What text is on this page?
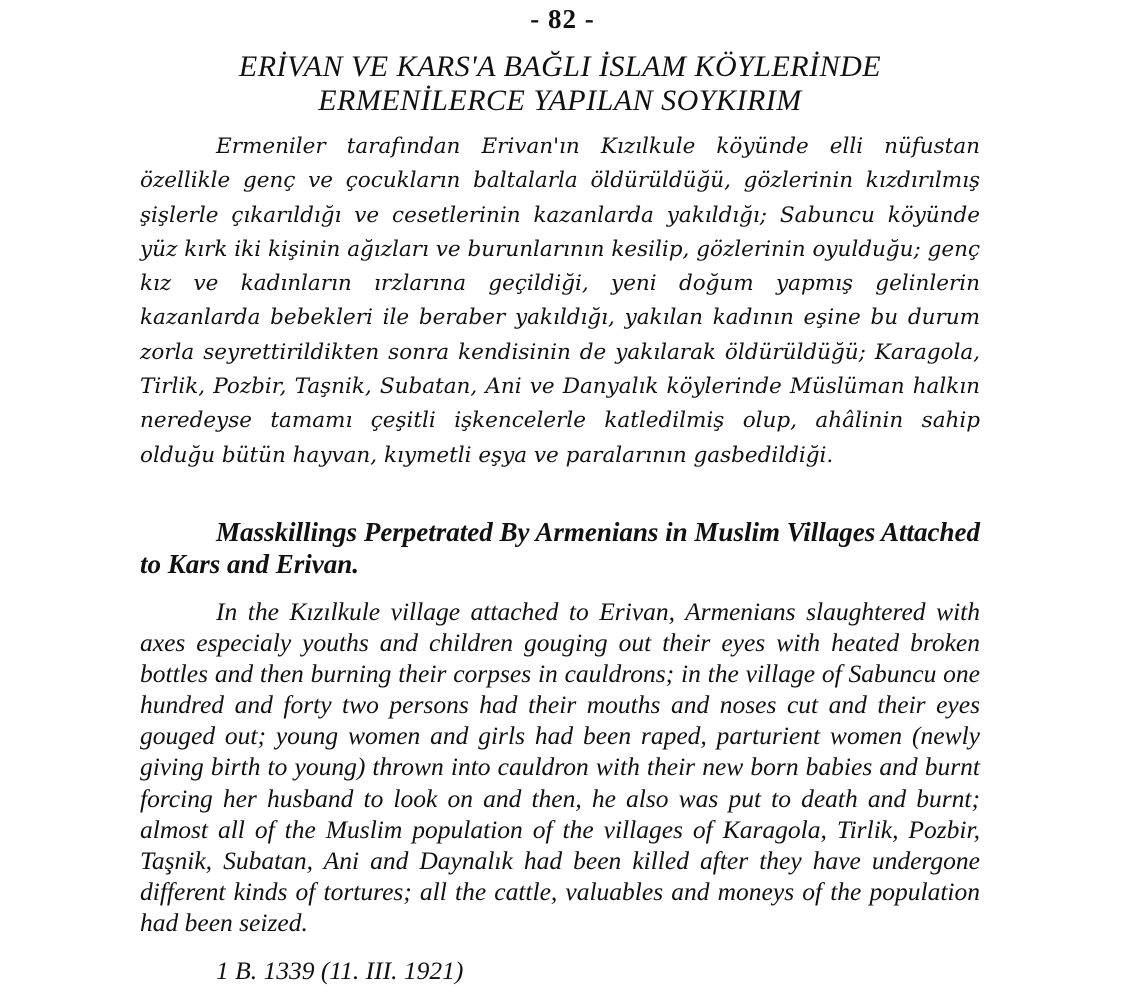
- 82 -
ERİVAN VE KARS'A BAĞLI İSLAM KÖYLERİNDE
ERMENİLERCE YAPILAN SOYKIRIM

Ermeniler tarafından Erivan'ın Kızılkule köyünde elli nüfustan özellikle genç ve çocukların baltalarla öldürüldüğü, gözlerinin kızdırılmış şişlerle çıkarıldığı ve cesetlerinin kazanlarda yakıldığı; Sabuncu köyünde yüz kırk iki kişinin ağızları ve burunlarının kesilip, gözlerinin oyulduğu; genç kız ve kadınların ırzlarına geçildiği, yeni doğum yapmış gelinlerin kazanlarda bebekleri ile beraber yakıldığı, yakılan kadının eşine bu durum zorla seyrettirildikten sonra kendisinin de yakılarak öldürüldüğü; Karagola, Tirlik, Pozbir, Taşnik, Subatan, Ani ve Danyalık köylerinde Müslüman halkın neredeyse tamamı çeşitli işkencelerle katledilmiş olup, ahâlinin sahip olduğu bütün hayvan, kıymetli eşya ve paralarının gasbedildiği.

Masskillings Perpetrated By Armenians in Muslim Villages Attached to Kars and Erivan.

In the Kızılkule village attached to Erivan, Armenians slaughtered with axes especialy youths and children gouging out their eyes with heated broken bottles and then burning their corpses in cauldrons; in the village of Sabuncu one hundred and forty two persons had their mouths and noses cut and their eyes gouged out; young women and girls had been raped, parturient women (newly giving birth to young) thrown into cauldron with their new born babies and burnt forcing her husband to look on and then, he also was put to death and burnt; almost all of the Muslim population of the villages of Karagola, Tirlik, Pozbir, Taşnik, Subatan, Ani and Daynalık had been killed after they have undergone different kinds of tortures; all the cattle, valuables and moneys of the population had been seized.

1 B. 1339 (11. III. 1921)
